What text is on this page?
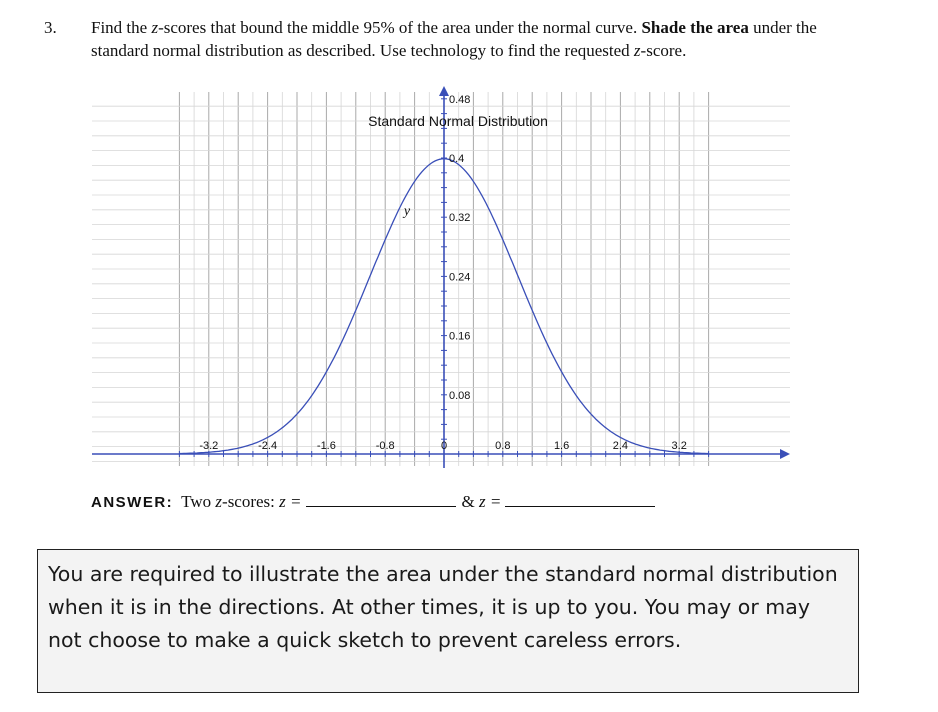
3. Find the z-scores that bound the middle 95% of the area under the normal curve. Shade the area under the standard normal distribution as described. Use technology to find the requested z-score.
-3.2	-2.4	-1.6	-0.8	0	0.8	1.6	2.4	3.2
0.08
0.16
0.24
0.32
0.4
0.48
Standard Normal Distribution
y
ANSWER: Two z-scores: z =	& z =
You are required to illustrate the area under the standard normal distribution when it is in the directions. At other times, it is up to you. You may or may not choose to make a quick sketch to prevent careless errors.
